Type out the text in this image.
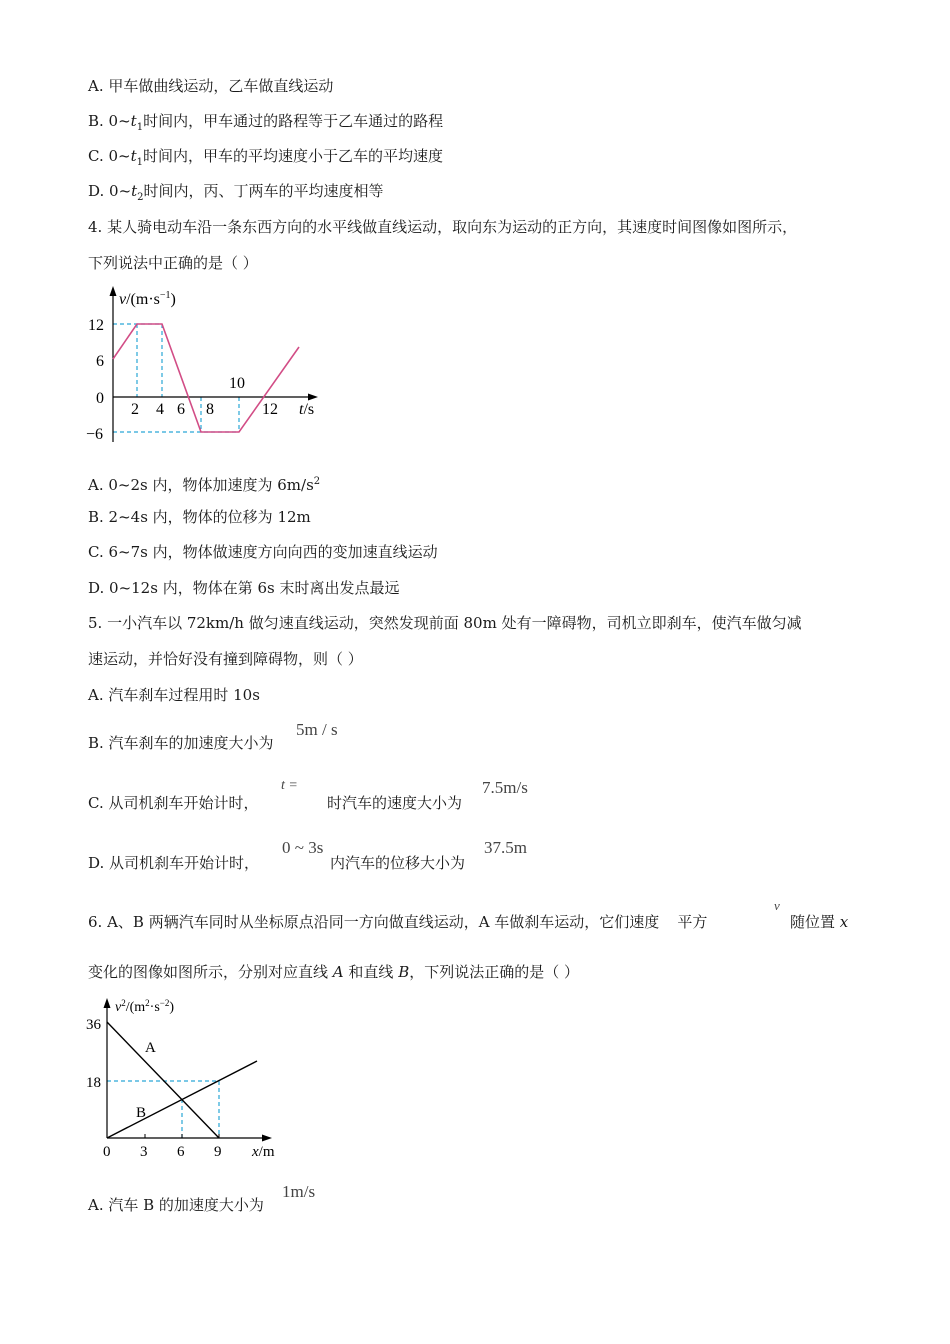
A. 甲车做曲线运动，乙车做直线运动
B. $0\sim t_1$时间内，甲车通过的路程等于乙车通过的路程
C. $0\sim t_1$时间内，甲车的平均速度小于乙车的平均速度
D. $0\sim t_2$时间内，丙、丁两车的平均速度相等
4. 某人骑电动车沿一条东西方向的水平线做直线运动，取向东为运动的正方向，其速度时间图像如图所示，
下列说法中正确的是（ ）
$v/(m\cdot s^{-1})$
12
6
0
−6
2 4 6 8
10
12 t/s
A. 0~2s 内，物体加速度为 $6m/s^2$
B. 2~4s 内，物体的位移为 12m
C. 6~7s 内，物体做速度方向向西的变加速直线运动
D. 0~12s 内，物体在第 6s 末时离出发点最远
5. 一小汽车以 72km/h 做匀速直线运动，突然发现前面 80m 处有一障碍物，司机立即刹车，使汽车做匀减
速运动，并恰好没有撞到障碍物，则（ ）
A. 汽车刹车过程用时 10s
B. 汽车刹车的加速度大小为
5m / s
C. 从司机刹车开始计时，
t =
时汽车的速度大小为
7.5m/s
D. 从司机刹车开始计时，
0 ~ 3s
内汽车的位移大小为
37.5m
6. A、B 两辆汽车同时从坐标原点沿同一方向做直线运动，A 车做刹车运动，它们速度 平方
v
随位置 x
变化的图像如图所示，分别对应直线 A 和直线 B，下列说法正确的是（ ）
$v^2/(m^2\cdot s^{-2})$
36
18
0 3 6 9 x/m
A
B
A. 汽车 B 的加速度大小为
1m/s
